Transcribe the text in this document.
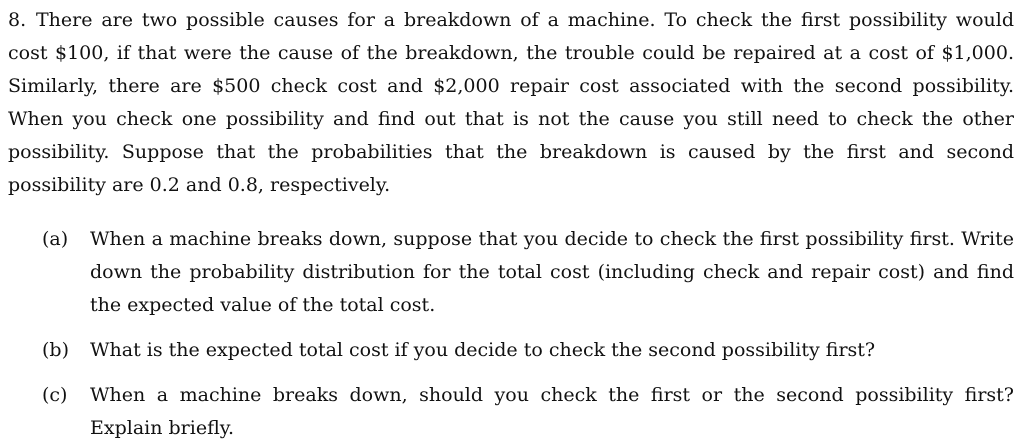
8. There are two possible causes for a breakdown of a machine. To check the first possibility would cost $100, if that were the cause of the breakdown, the trouble could be repaired at a cost of $1,000. Similarly, there are $500 check cost and $2,000 repair cost associated with the second possibility. When you check one possibility and find out that is not the cause you still need to check the other possibility. Suppose that the probabilities that the breakdown is caused by the first and second possibility are 0.2 and 0.8, respectively.
(a) When a machine breaks down, suppose that you decide to check the first possibility first. Write down the probability distribution for the total cost (including check and repair cost) and find the expected value of the total cost.
(b) What is the expected total cost if you decide to check the second possibility first?
(c) When a machine breaks down, should you check the first or the second possibility first? Explain briefly.
